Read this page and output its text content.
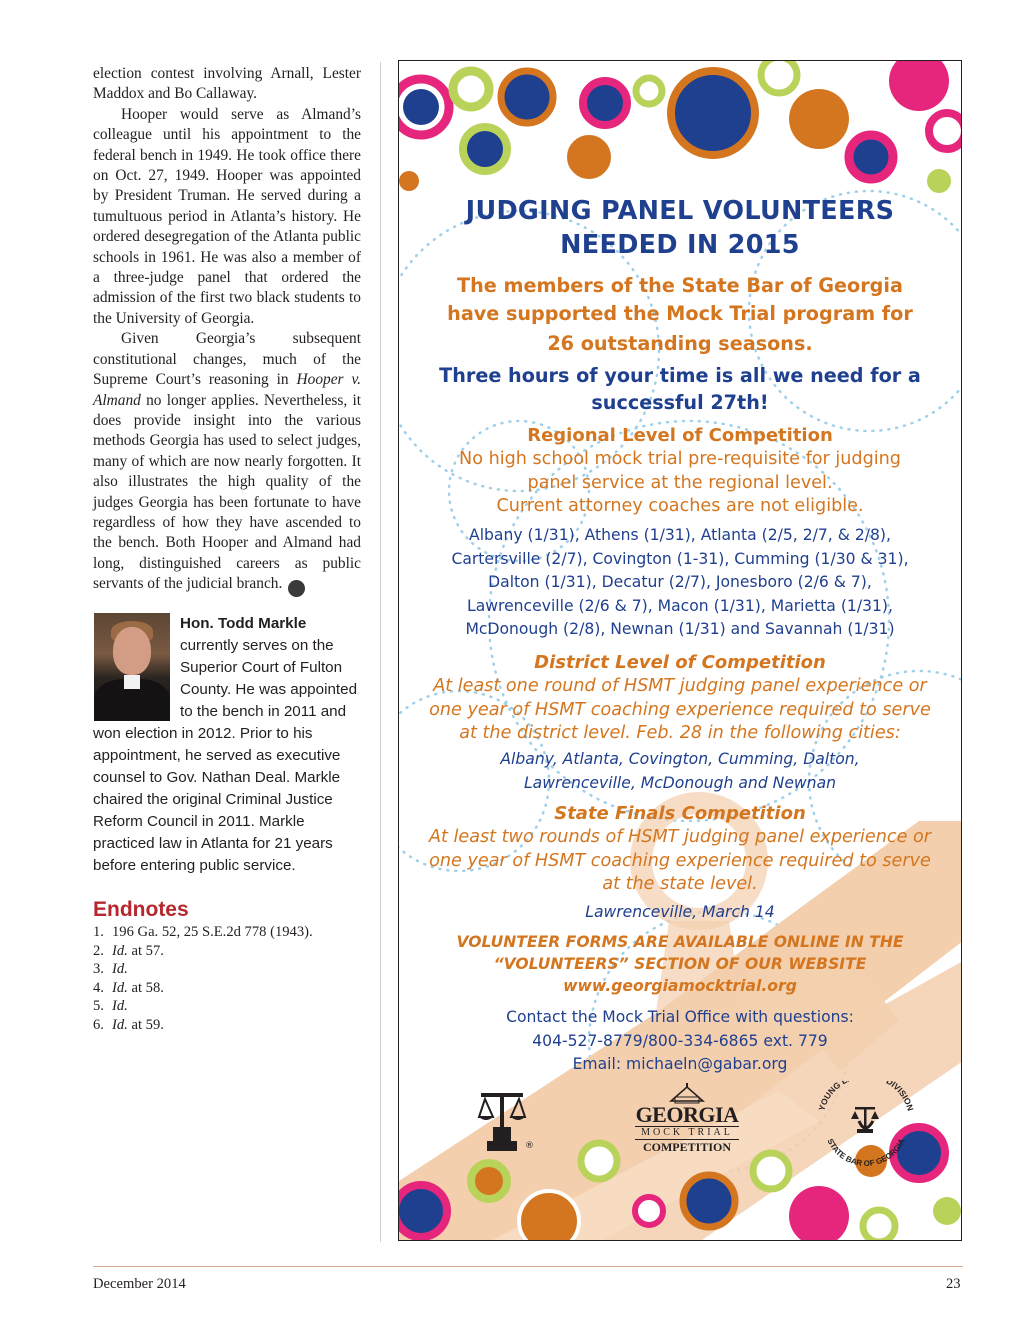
election contest involving Arnall, Lester Maddox and Bo Callaway.

Hooper would serve as Almand’s colleague until his appointment to the federal bench in 1949. He took office there on Oct. 27, 1949. Hooper was appointed by President Truman. He served during a tumultuous period in Atlanta’s history. He ordered desegregation of the Atlanta public schools in 1961. He was also a member of a three-judge panel that ordered the admission of the first two black students to the University of Georgia.

Given Georgia’s subsequent constitutional changes, much of the Supreme Court’s reasoning in Hooper v. Almand no longer applies. Nevertheless, it does provide insight into the various methods Georgia has used to select judges, many of which are now nearly forgotten. It also illustrates the high quality of the judges Georgia has been fortunate to have regardless of how they have ascended to the bench. Both Hooper and Almand had long, distinguished careers as public servants of the judicial branch.	GBJ

Hon. Todd Markle currently serves on the Superior Court of Fulton County. He was appointed to the bench in 2011 and won election in 2012. Prior to his appointment, he served as executive counsel to Gov. Nathan Deal. Markle chaired the original Criminal Justice Reform Council in 2011. Markle practiced law in Atlanta for 21 years before entering public service.
Endnotes
1. 196 Ga. 52, 25 S.E.2d 778 (1943).
2. Id. at 57.
3. Id.
4. Id. at 58.
5. Id.
6. Id. at 59.
JUDGING PANEL VOLUNTEERS
NEEDED IN 2015
The members of the State Bar of Georgia
have supported the Mock Trial program for
26 outstanding seasons.
Three hours of your time is all we need for a
successful 27th!
Regional Level of Competition
No high school mock trial pre-requisite for judging
panel service at the regional level.
Current attorney coaches are not eligible.
Albany (1/31), Athens (1/31), Atlanta (2/5, 2/7, & 2/8),
Cartersville (2/7), Covington (1-31), Cumming (1/30 & 31),
Dalton (1/31), Decatur (2/7), Jonesboro (2/6 & 7),
Lawrenceville (2/6 & 7), Macon (1/31), Marietta (1/31),
McDonough (2/8), Newnan (1/31) and Savannah (1/31)
District Level of Competition
At least one round of HSMT judging panel experience or
one year of HSMT coaching experience required to serve
at the district level. Feb. 28 in the following cities:
Albany, Atlanta, Covington, Cumming, Dalton,
Lawrenceville, McDonough and Newnan
State Finals Competition
At least two rounds of HSMT judging panel experience or
one year of HSMT coaching experience required to serve
at the state level.
Lawrenceville, March 14
VOLUNTEER FORMS ARE AVAILABLE ONLINE IN THE
“VOLUNTEERS” SECTION OF OUR WEBSITE
www.georgiamocktrial.org
Contact the Mock Trial Office with questions:
404-527-8779/800-334-6865 ext. 779
Email: michaeln@gabar.org
®
GEORGIA
MOCK TRIAL
COMPETITION
YOUNG DIVISION
STATE BAR OF GEORGIA
December 2014	23
